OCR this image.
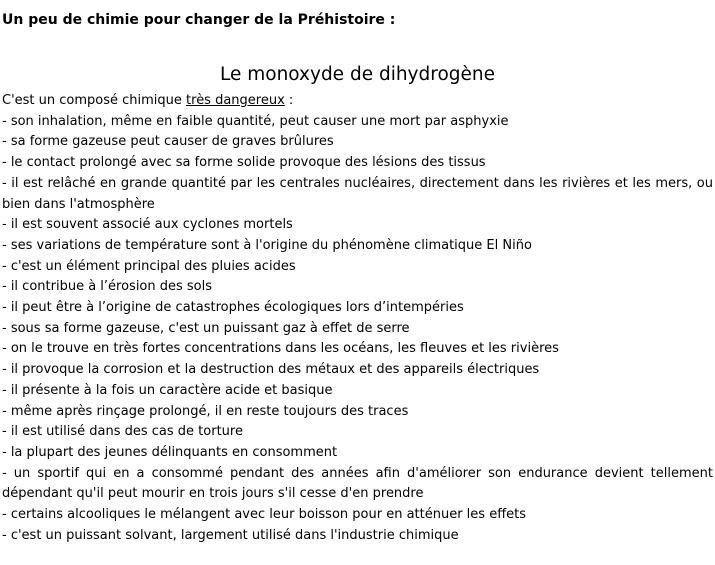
Un peu de chimie pour changer de la Préhistoire :
Le monoxyde de dihydrogène

C'est un composé chimique très dangereux :

- son inhalation, même en faible quantité, peut causer une mort par asphyxie

- sa forme gazeuse peut causer de graves brûlures

- le contact prolongé avec sa forme solide provoque des lésions des tissus

- il est relâché en grande quantité par les centrales nucléaires, directement dans les rivières et les mers, ou bien dans l'atmosphère

- il est souvent associé aux cyclones mortels

- ses variations de température sont à l'origine du phénomène climatique El Niño

- c'est un élément principal des pluies acides

- il contribue à l’érosion des sols

- il peut être à l’origine de catastrophes écologiques lors d’intempéries

- sous sa forme gazeuse, c'est un puissant gaz à effet de serre

- on le trouve en très fortes concentrations dans les océans, les fleuves et les rivières

- il provoque la corrosion et la destruction des métaux et des appareils électriques

- il présente à la fois un caractère acide et basique

- même après rinçage prolongé, il en reste toujours des traces

- il est utilisé dans des cas de torture

- la plupart des jeunes délinquants en consomment

- un sportif qui en a consommé pendant des années afin d'améliorer son endurance devient tellement dépendant qu'il peut mourir en trois jours s'il cesse d'en prendre

- certains alcooliques le mélangent avec leur boisson pour en atténuer les effets

- c'est un puissant solvant, largement utilisé dans l'industrie chimique
